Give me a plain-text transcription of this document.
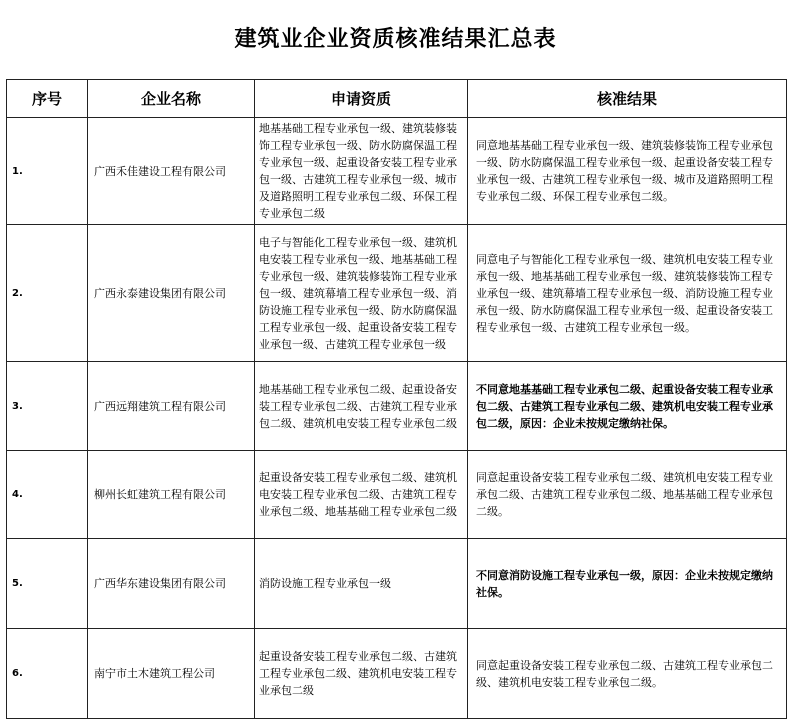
建筑业企业资质核准结果汇总表
序号	企业名称	申请资质	核准结果
1.	广西禾佳建设工程有限公司	地基基础工程专业承包一级、建筑装修装饰工程专业承包一级、防水防腐保温工程专业承包一级、起重设备安装工程专业承包一级、古建筑工程专业承包一级、城市及道路照明工程专业承包二级、环保工程专业承包二级	同意地基基础工程专业承包一级、建筑装修装饰工程专业承包一级、防水防腐保温工程专业承包一级、起重设备安装工程专业承包一级、古建筑工程专业承包一级、城市及道路照明工程专业承包二级、环保工程专业承包二级。
2.	广西永泰建设集团有限公司	电子与智能化工程专业承包一级、建筑机电安装工程专业承包一级、地基基础工程专业承包一级、建筑装修装饰工程专业承包一级、建筑幕墙工程专业承包一级、消防设施工程专业承包一级、防水防腐保温工程专业承包一级、起重设备安装工程专业承包一级、古建筑工程专业承包一级	同意电子与智能化工程专业承包一级、建筑机电安装工程专业承包一级、地基基础工程专业承包一级、建筑装修装饰工程专业承包一级、建筑幕墙工程专业承包一级、消防设施工程专业承包一级、防水防腐保温工程专业承包一级、起重设备安装工程专业承包一级、古建筑工程专业承包一级。
3.	广西远翔建筑工程有限公司	地基基础工程专业承包二级、起重设备安装工程专业承包二级、古建筑工程专业承包二级、建筑机电安装工程专业承包二级	不同意地基基础工程专业承包二级、起重设备安装工程专业承包二级、古建筑工程专业承包二级、建筑机电安装工程专业承包二级，原因：企业未按规定缴纳社保。
4.	柳州长虹建筑工程有限公司	起重设备安装工程专业承包二级、建筑机电安装工程专业承包二级、古建筑工程专业承包二级、地基基础工程专业承包二级	同意起重设备安装工程专业承包二级、建筑机电安装工程专业承包二级、古建筑工程专业承包二级、地基基础工程专业承包二级。
5.	广西华东建设集团有限公司	消防设施工程专业承包一级	不同意消防设施工程专业承包一级，原因：企业未按规定缴纳社保。
6.	南宁市土木建筑工程公司	起重设备安装工程专业承包二级、古建筑工程专业承包二级、建筑机电安装工程专业承包二级	同意起重设备安装工程专业承包二级、古建筑工程专业承包二级、建筑机电安装工程专业承包二级。
